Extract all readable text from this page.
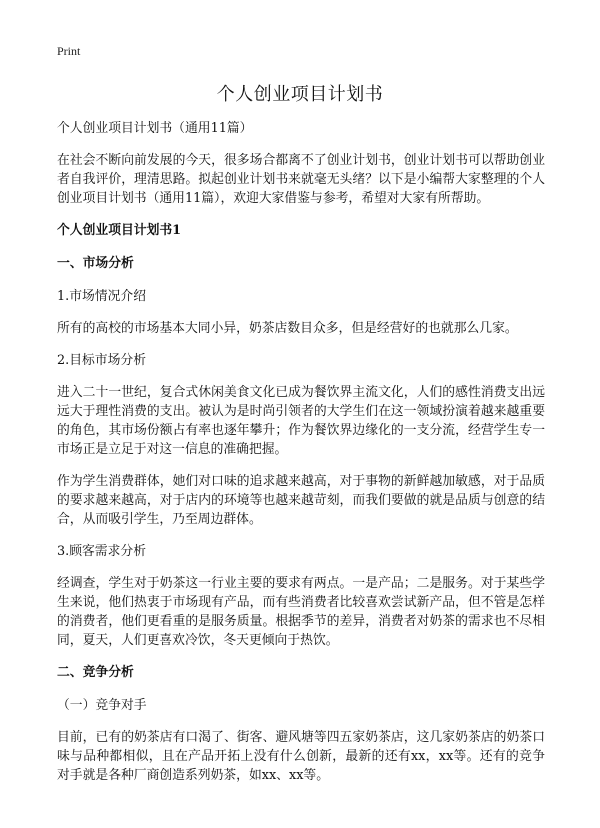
Print
个人创业项目计划书

个人创业项目计划书（通用11篇）

在社会不断向前发展的今天，很多场合都离不了创业计划书，创业计划书可以帮助创业者自我评价，理清思路。拟起创业计划书来就毫无头绪？以下是小编帮大家整理的个人创业项目计划书（通用11篇），欢迎大家借鉴与参考，希望对大家有所帮助。

个人创业项目计划书1

一、市场分析

1.市场情况介绍

所有的高校的市场基本大同小异，奶茶店数目众多，但是经营好的也就那么几家。

2.目标市场分析

进入二十一世纪，复合式休闲美食文化已成为餐饮界主流文化，人们的感性消费支出远远大于理性消费的支出。被认为是时尚引领者的大学生们在这一领域扮演着越来越重要的角色，其市场份额占有率也逐年攀升；作为餐饮界边缘化的一支分流，经营学生专一市场正是立足于对这一信息的准确把握。

作为学生消费群体，她们对口味的追求越来越高，对于事物的新鲜越加敏感，对于品质的要求越来越高，对于店内的环境等也越来越苛刻，而我们要做的就是品质与创意的结合，从而吸引学生，乃至周边群体。

3.顾客需求分析

经调查，学生对于奶茶这一行业主要的要求有两点。一是产品；二是服务。对于某些学生来说，他们热衷于市场现有产品，而有些消费者比较喜欢尝试新产品，但不管是怎样的消费者，他们更看重的是服务质量。根据季节的差异，消费者对奶茶的需求也不尽相同，夏天，人们更喜欢冷饮，冬天更倾向于热饮。

二、竞争分析

（一）竞争对手

目前，已有的奶茶店有口渴了、街客、避风塘等四五家奶茶店，这几家奶茶店的奶茶口味与品种都相似，且在产品开拓上没有什么创新，最新的还有xx，xx等。还有的竞争对手就是各种厂商创造系列奶茶，如xx、xx等。
